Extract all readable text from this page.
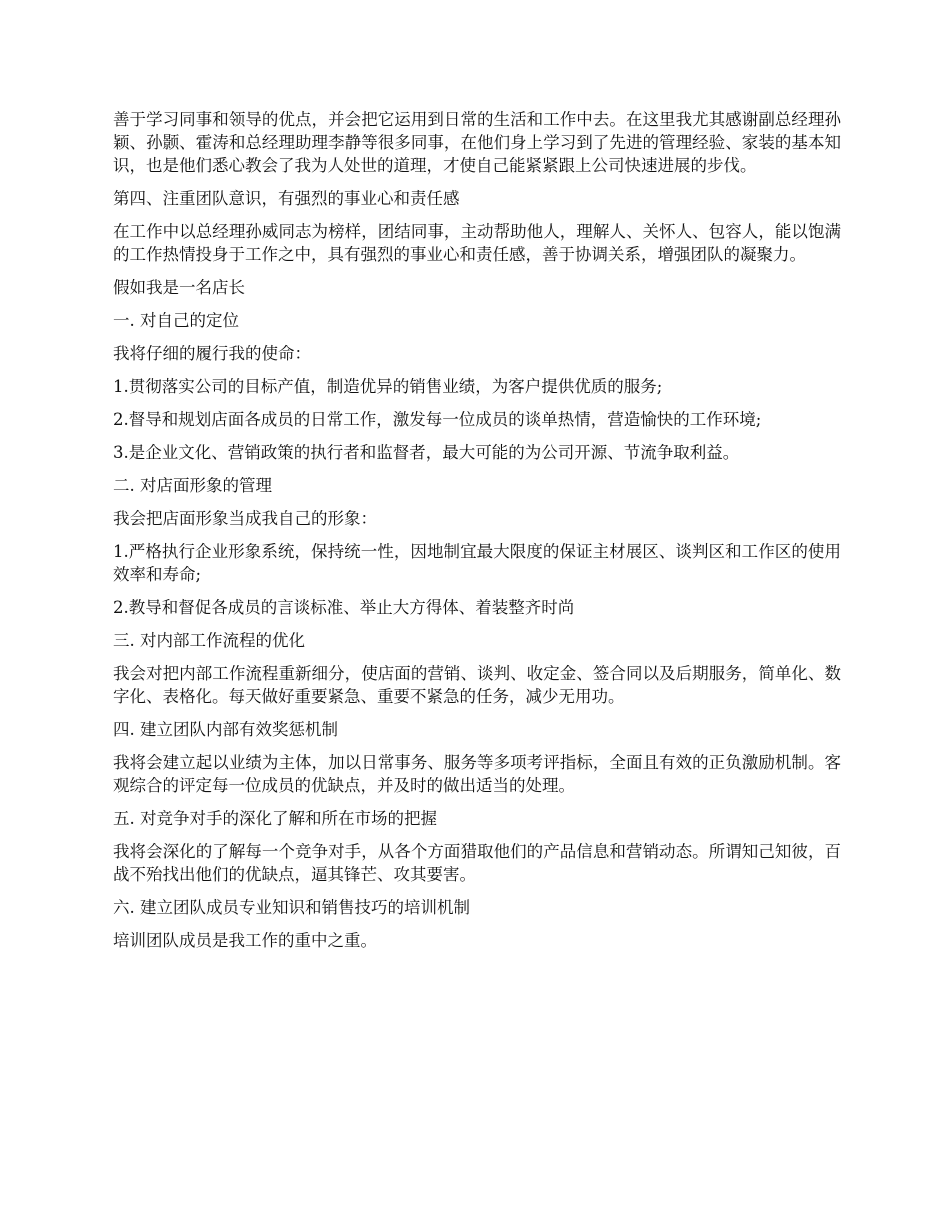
善于学习同事和领导的优点，并会把它运用到日常的生活和工作中去。在这里我尤其感谢副总经理孙颖、孙颢、霍涛和总经理助理李静等很多同事，在他们身上学习到了先进的管理经验、家装的基本知识，也是他们悉心教会了我为人处世的道理，才使自己能紧紧跟上公司快速进展的步伐。

第四、注重团队意识，有强烈的事业心和责任感

在工作中以总经理孙威同志为榜样，团结同事，主动帮助他人，理解人、关怀人、包容人，能以饱满的工作热情投身于工作之中，具有强烈的事业心和责任感，善于协调关系，增强团队的凝聚力。

假如我是一名店长

一. 对自己的定位

我将仔细的履行我的使命：

1.贯彻落实公司的目标产值，制造优异的销售业绩，为客户提供优质的服务;

2.督导和规划店面各成员的日常工作，激发每一位成员的谈单热情，营造愉快的工作环境;

3.是企业文化、营销政策的执行者和监督者，最大可能的为公司开源、节流争取利益。

二. 对店面形象的管理

我会把店面形象当成我自己的形象：

1.严格执行企业形象系统，保持统一性，因地制宜最大限度的保证主材展区、谈判区和工作区的使用效率和寿命;

2.教导和督促各成员的言谈标准、举止大方得体、着装整齐时尚

三. 对内部工作流程的优化

我会对把内部工作流程重新细分，使店面的营销、谈判、收定金、签合同以及后期服务，简单化、数字化、表格化。每天做好重要紧急、重要不紧急的任务，减少无用功。

四. 建立团队内部有效奖惩机制

我将会建立起以业绩为主体，加以日常事务、服务等多项考评指标，全面且有效的正负激励机制。客观综合的评定每一位成员的优缺点，并及时的做出适当的处理。

五. 对竞争对手的深化了解和所在市场的把握

我将会深化的了解每一个竞争对手，从各个方面猎取他们的产品信息和营销动态。所谓知己知彼，百战不殆找出他们的优缺点，逼其锋芒、攻其要害。

六. 建立团队成员专业知识和销售技巧的培训机制

培训团队成员是我工作的重中之重。
